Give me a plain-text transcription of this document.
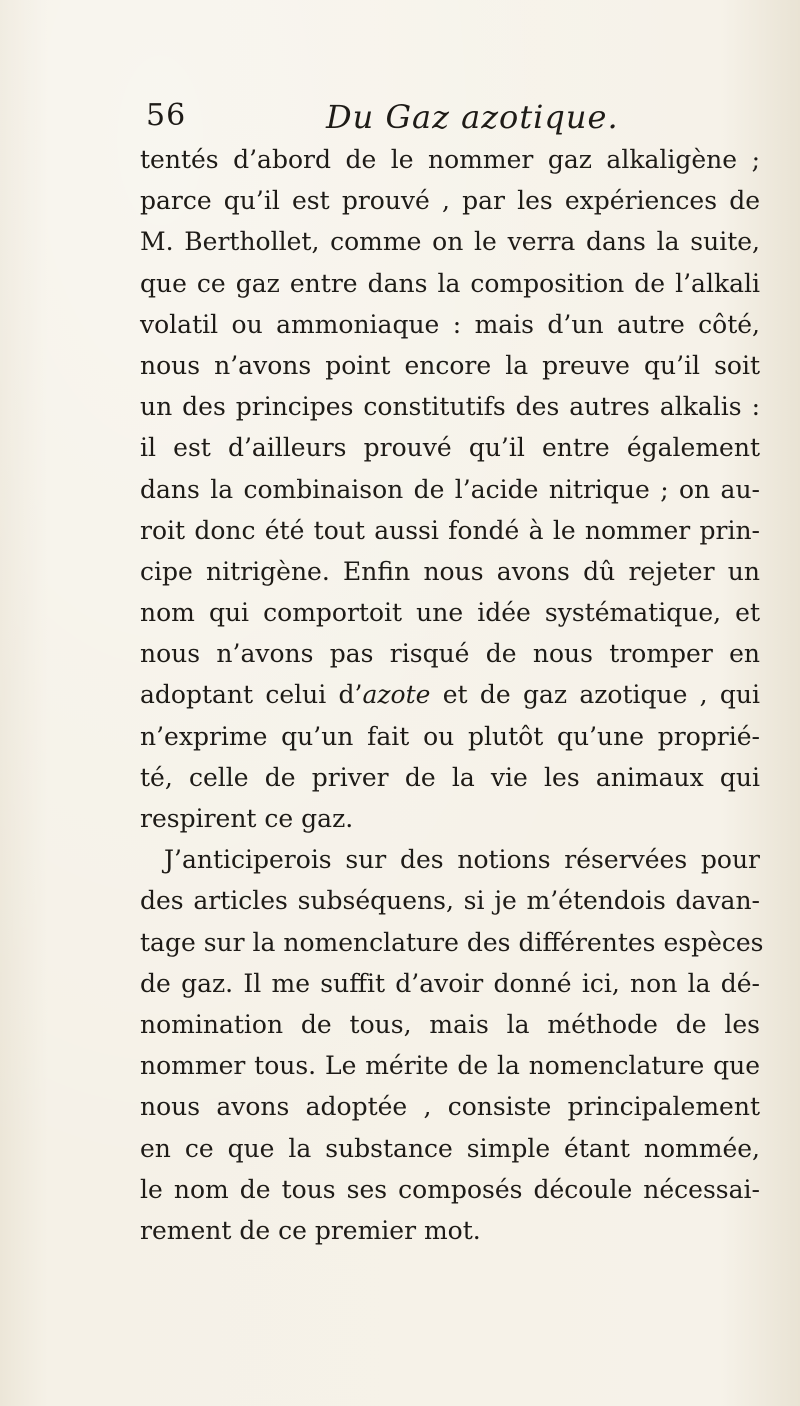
56	Du Gaz azotique.
tentés d’abord de le nommer gaz alkaligène ;
parce qu’il est prouvé , par les expériences de
M. Berthollet, comme on le verra dans la suite,
que ce gaz entre dans la composition de l’alkali
volatil ou ammoniaque : mais d’un autre côté,
nous n’avons point encore la preuve qu’il soit
un des principes constitutifs des autres alkalis :
il est d’ailleurs prouvé qu’il entre également
dans la combinaison de l’acide nitrique ; on au-
roit donc été tout aussi fondé à le nommer prin-
cipe nitrigène. Enfin nous avons dû rejeter un
nom qui comportoit une idée systématique, et
nous n’avons pas risqué de nous tromper en
adoptant celui d’azote et de gaz azotique , qui
n’exprime qu’un fait ou plutôt qu’une proprié-
té, celle de priver de la vie les animaux qui
respirent ce gaz.
J’anticiperois sur des notions réservées pour
des articles subséquens, si je m’étendois davan-
tage sur la nomenclature des différentes espèces
de gaz. Il me suffit d’avoir donné ici, non la dé-
nomination de tous, mais la méthode de les
nommer tous. Le mérite de la nomenclature que
nous avons adoptée , consiste principalement
en ce que la substance simple étant nommée,
le nom de tous ses composés découle nécessai-
rement de ce premier mot.
